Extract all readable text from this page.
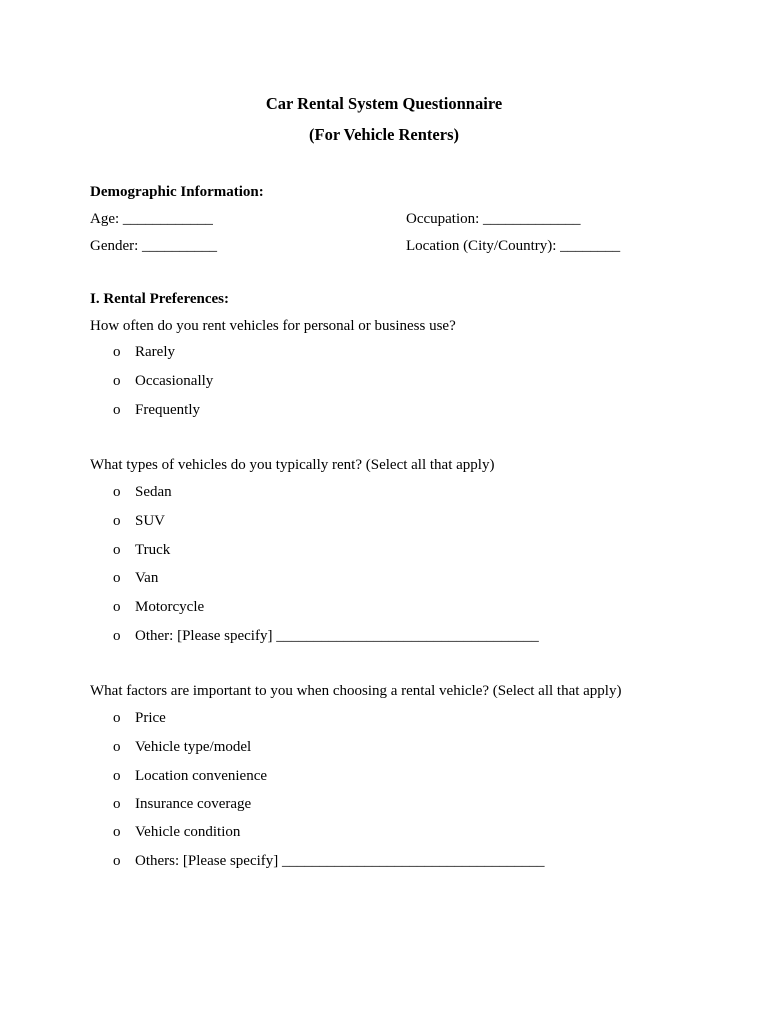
Car Rental System Questionnaire
(For Vehicle Renters)
Demographic Information:
Age: ____________	Occupation: _____________
Gender: __________	Location (City/Country): ________
I. Rental Preferences:
How often do you rent vehicles for personal or business use?
o Rarely
o Occasionally
o Frequently
What types of vehicles do you typically rent? (Select all that apply)
o Sedan
o SUV
o Truck
o Van
o Motorcycle
o Other: [Please specify] ___________________________________
What factors are important to you when choosing a rental vehicle? (Select all that apply)
o Price
o Vehicle type/model
o Location convenience
o Insurance coverage
o Vehicle condition
o Others: [Please specify] ___________________________________
